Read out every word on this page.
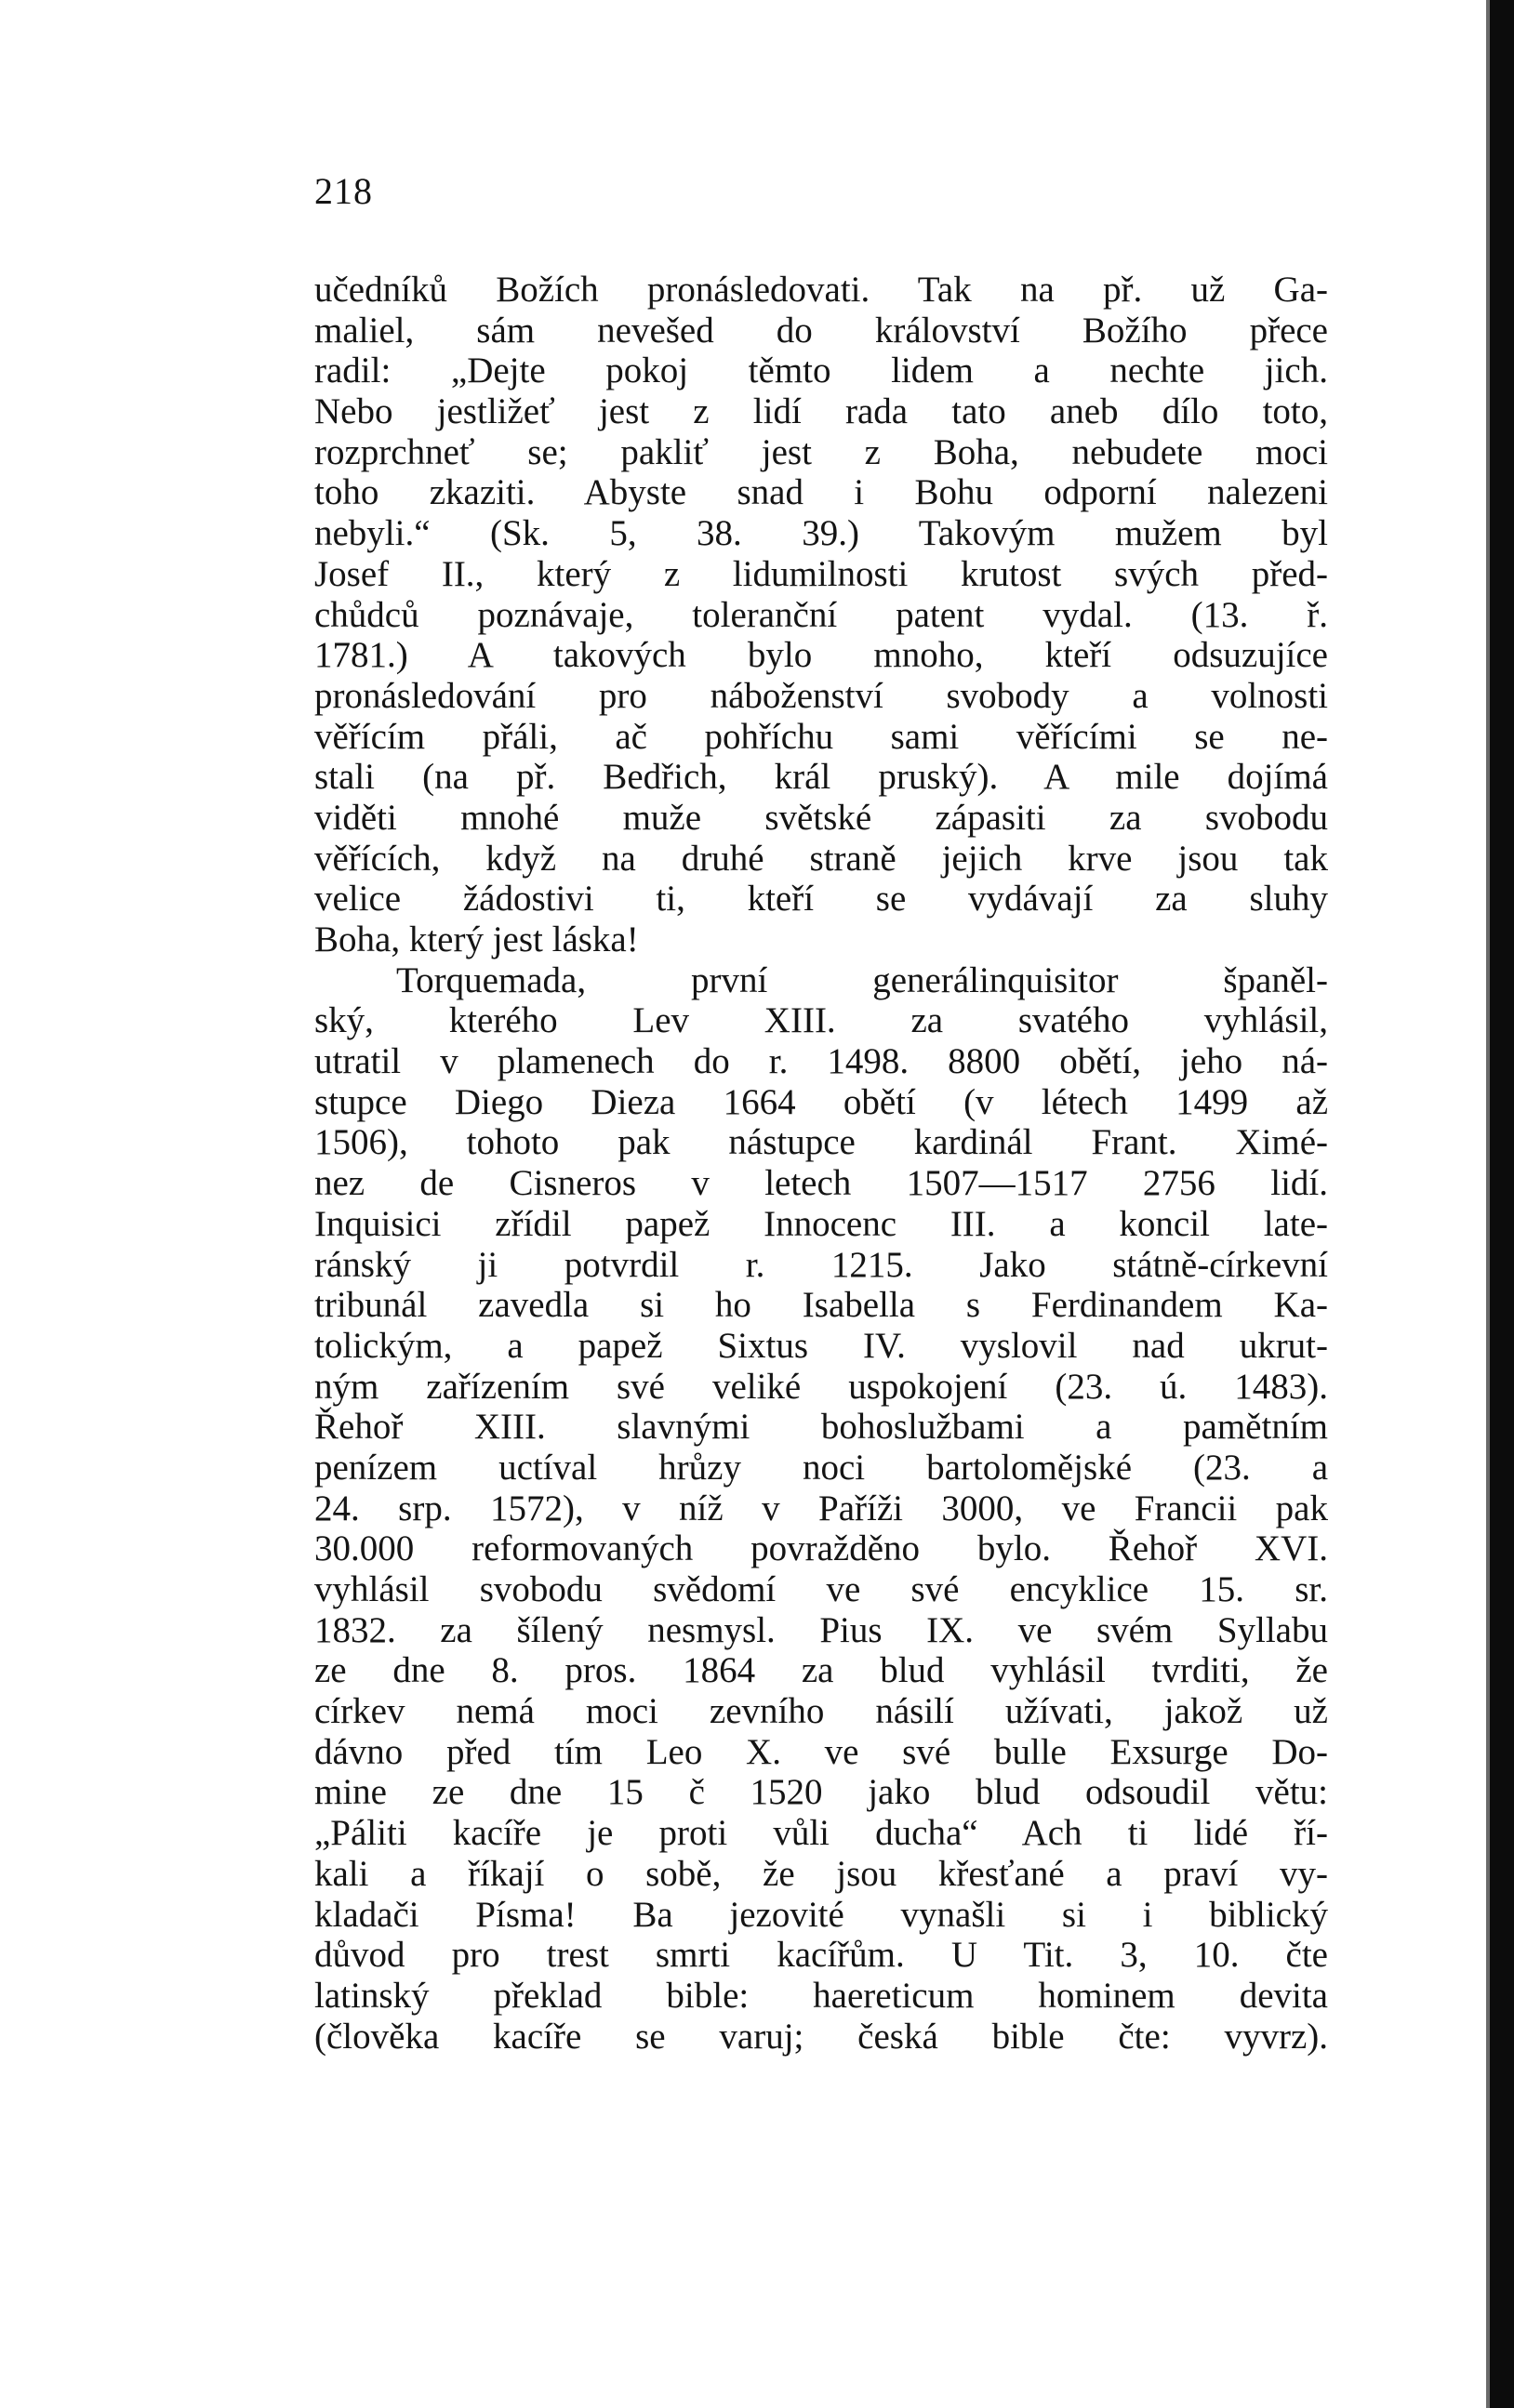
218
učedníků Božích pronásledovati. Tak na př. už Ga-
maliel, sám nevešed do království Božího přece
radil: „Dejte pokoj těmto lidem a nechte jich.
Nebo jestližeť jest z lidí rada tato aneb dílo toto,
rozprchneť se; pakliť jest z Boha, nebudete moci
toho zkaziti. Abyste snad i Bohu odporní nalezeni
nebyli.“ (Sk. 5, 38. 39.) Takovým mužem byl
Josef II., který z lidumilnosti krutost svých před-
chůdců poznávaje, toleranční patent vydal. (13. ř.
1781.) A takových bylo mnoho, kteří odsuzujíce
pronásledování pro náboženství svobody a volnosti
věřícím přáli, ač pohříchu sami věřícími se ne-
stali (na př. Bedřich, král pruský). A mile dojímá
viděti mnohé muže světské zápasiti za svobodu
věřících, když na druhé straně jejich krve jsou tak
velice žádostivi ti, kteří se vydávají za sluhy
Boha, který jest láska!
Torquemada, první generálinquisitor španěl-
ský, kterého Lev XIII. za svatého vyhlásil,
utratil v plamenech do r. 1498. 8800 obětí, jeho ná-
stupce Diego Dieza 1664 obětí (v létech 1499 až
1506), tohoto pak nástupce kardinál Frant. Ximé-
nez de Cisneros v letech 1507—1517 2756 lidí.
Inquisici zřídil papež Innocenc III. a koncil late-
ránský ji potvrdil r. 1215. Jako státně-církevní
tribunál zavedla si ho Isabella s Ferdinandem Ka-
tolickým, a papež Sixtus IV. vyslovil nad ukrut-
ným zařízením své veliké uspokojení (23. ú. 1483).
Řehoř XIII. slavnými bohoslužbami a pamětním
penízem uctíval hrůzy noci bartolomějské (23. a
24. srp. 1572), v níž v Paříži 3000, ve Francii pak
30.000 reformovaných povražděno bylo. Řehoř XVI.
vyhlásil svobodu svědomí ve své encyklice 15. sr.
1832. za šílený nesmysl. Pius IX. ve svém Syllabu
ze dne 8. pros. 1864 za blud vyhlásil tvrditi, že
církev nemá moci zevního násilí užívati, jakož už
dávno před tím Leo X. ve své bulle Exsurge Do-
mine ze dne 15 č 1520 jako blud odsoudil větu:
„Páliti kacíře je proti vůli ducha“ Ach ti lidé ří-
kali a říkají o sobě, že jsou křesťané a praví vy-
kladači Písma! Ba jezovité vynašli si i biblický
důvod pro trest smrti kacířům. U Tit. 3, 10. čte
latinský překlad bible: haereticum hominem devita
(člověka kacíře se varuj; česká bible čte: vyvrz).
